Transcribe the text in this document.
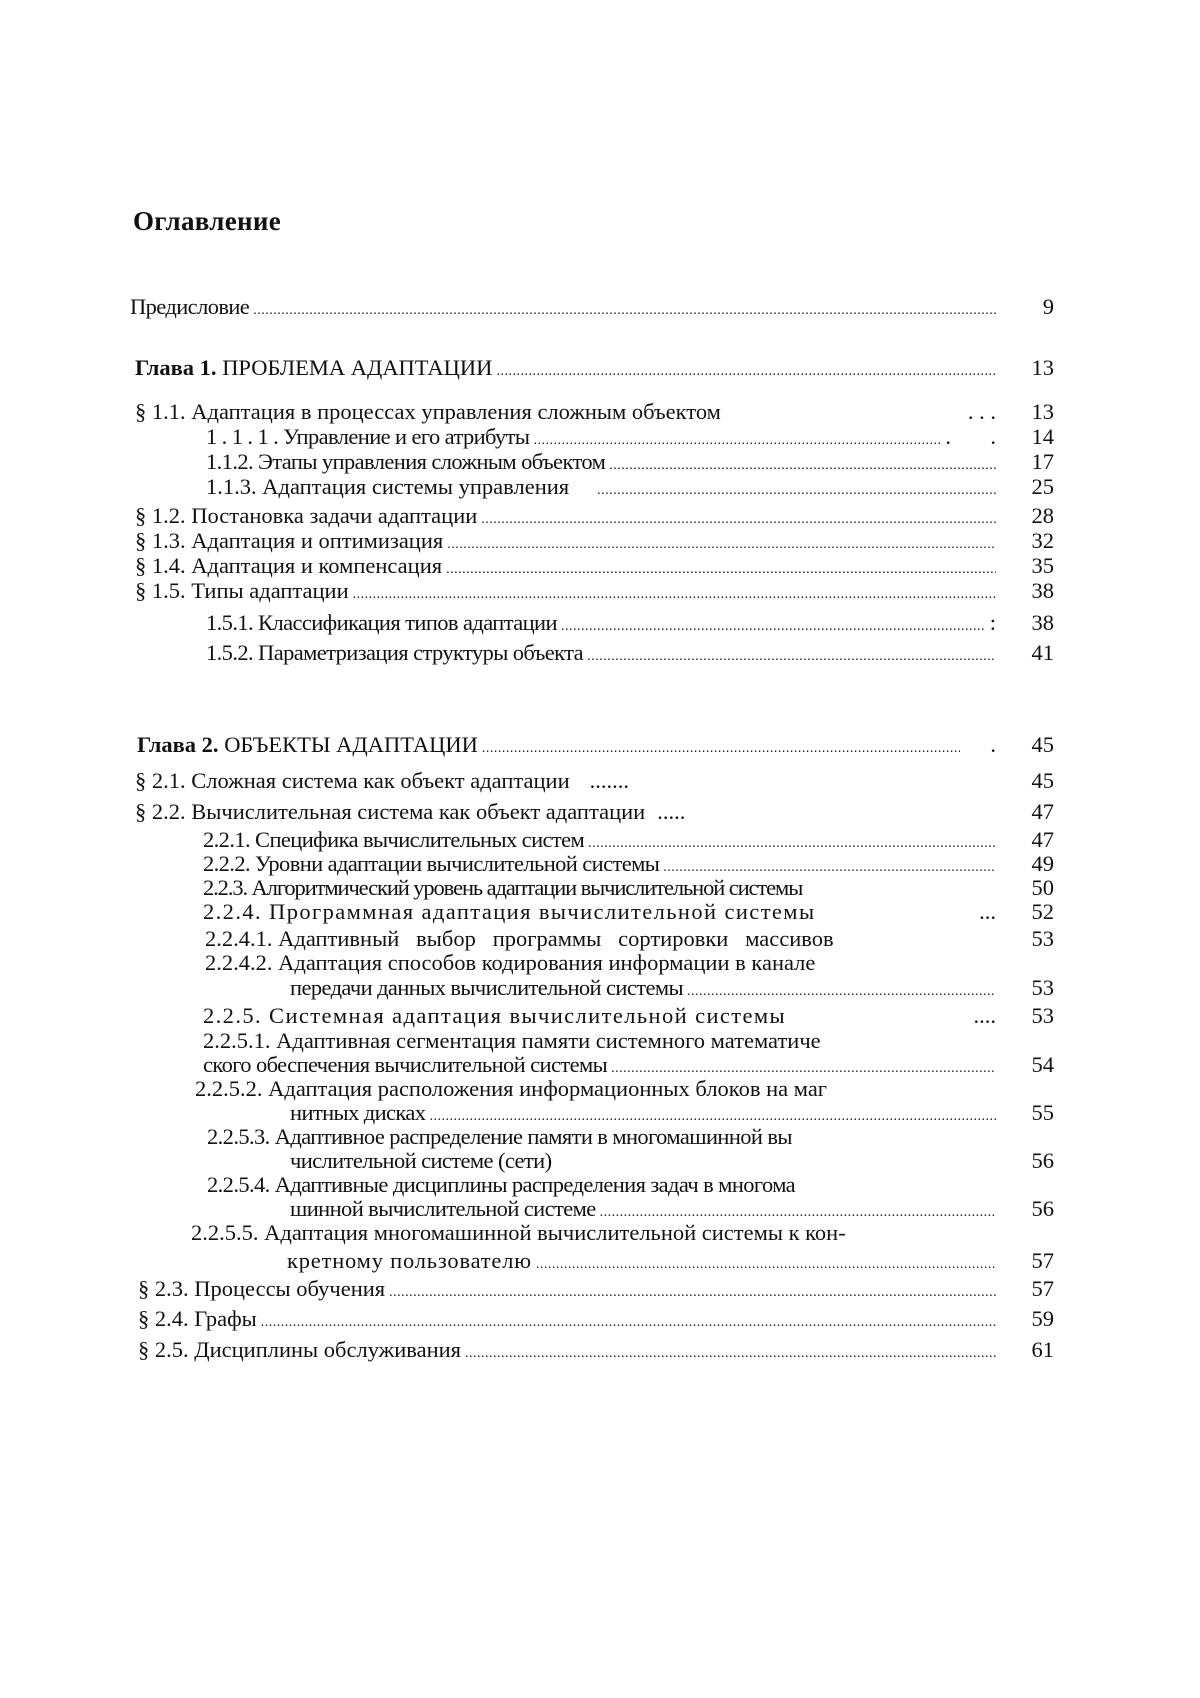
Оглавление
Предисловие .....	9
Глава 1. ПРОБЛЕМА АДАПТАЦИИ .....	13
§ 1.1. Адаптация в процессах управления сложным объектом	. . .	13
1 . 1 . 1 . Управление и его атрибуты .....	.       .	14
1.1.2. Этапы управления сложным объектом .....	17
1.1.3. Адаптация системы управления .....	25
§ 1.2. Постановка задачи адаптации .....	28
§ 1.3. Адаптация и оптимизация .....	32
§ 1.4. Адаптация и компенсация .....	35
§ 1.5. Типы адаптации .....	38
1.5.1. Классификация типов адаптации .....	:	38
1.5.2. Параметризация структуры объекта .....	41
Глава 2. ОБЪЕКТЫ АДАПТАЦИИ .....	.	45
§ 2.1. Сложная система как объект адаптации .......	45
§ 2.2. Вычислительная система как объект адаптации .....	47
2.2.1. Специфика вычислительных систем .....	47
2.2.2. Уровни адаптации вычислительной системы .....	49
2.2.3. Алгоритмический уровень адаптации вычислительной системы	50
2.2.4. Программная адаптация вычислительной системы	...	52
2.2.4.1. Адаптивный   выбор   программы   сортировки   массивов	53
2.2.4.2. Адаптация способов кодирования информации в канале
передачи данных вычислительной системы .....	53
2.2.5. Системная адаптация вычислительной системы	....	53
2.2.5.1. Адаптивная сегментация памяти системного математиче
ского обеспечения вычислительной системы .....	54
2.2.5.2. Адаптация расположения информационных блоков на маг
нитных дисках .....	55
2.2.5.3. Адаптивное распределение памяти в многомашинной вы
числительной системе (сети)	56
2.2.5.4. Адаптивные дисциплины распределения задач в многома
шинной вычислительной системе .....	56
2.2.5.5. Адаптация многомашинной вычислительной системы к кон-
кретному пользователю .....	57
§ 2.3. Процессы обучения .....	57
§ 2.4. Графы .....	59
§ 2.5. Дисциплины обслуживания .....	61
